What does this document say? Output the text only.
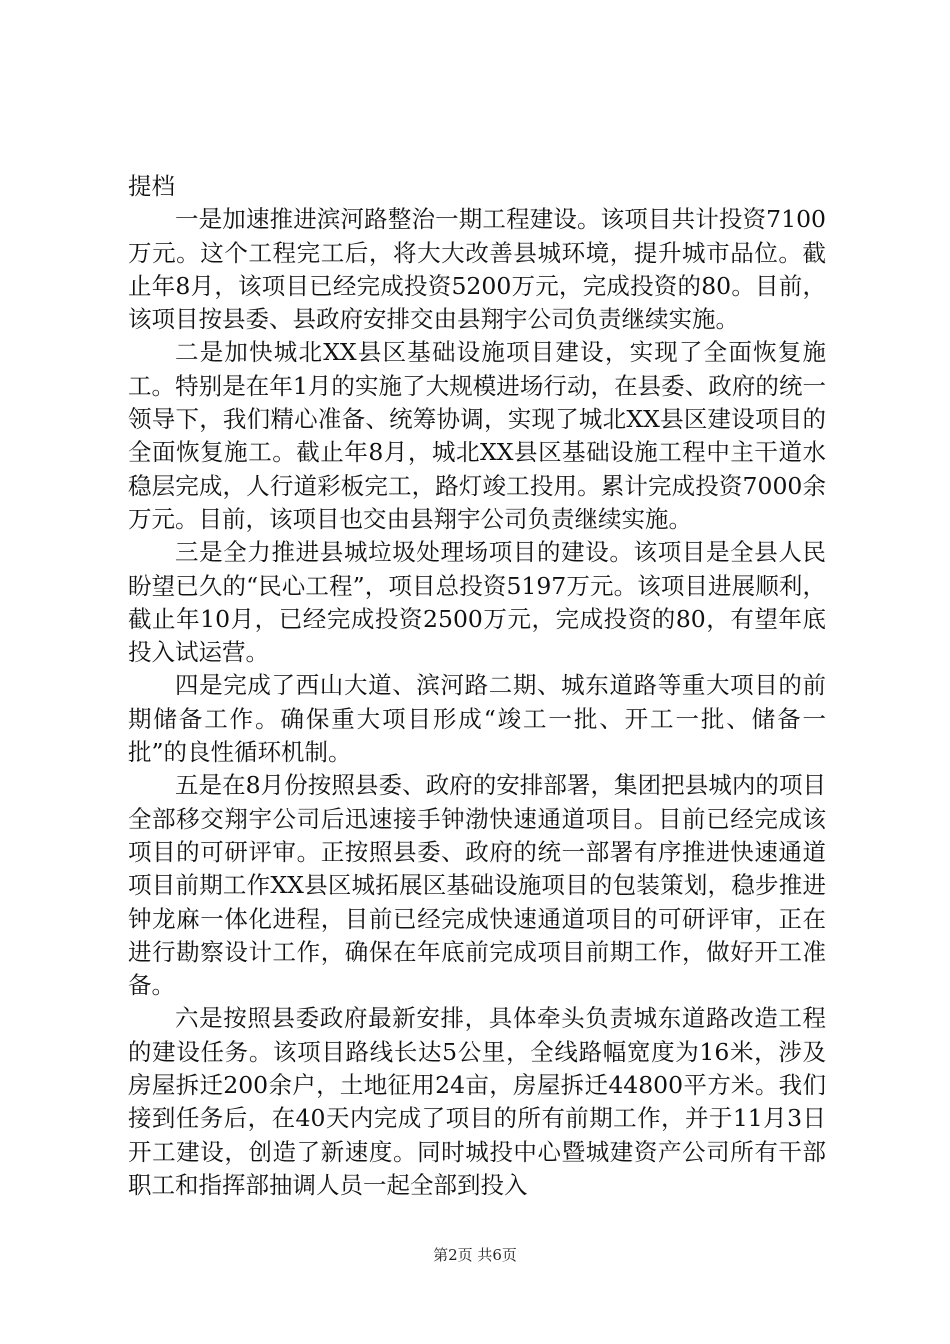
提档

一是加速推进滨河路整治一期工程建设。该项目共计投资7100万元。这个工程完工后，将大大改善县城环境，提升城市品位。截止年8月，该项目已经完成投资5200万元，完成投资的80。目前，该项目按县委、县政府安排交由县翔宇公司负责继续实施。

二是加快城北XX县区基础设施项目建设，实现了全面恢复施工。特别是在年1月的实施了大规模进场行动，在县委、政府的统一领导下，我们精心准备、统筹协调，实现了城北XX县区建设项目的全面恢复施工。截止年8月，城北XX县区基础设施工程中主干道水稳层完成，人行道彩板完工，路灯竣工投用。累计完成投资7000余万元。目前，该项目也交由县翔宇公司负责继续实施。

三是全力推进县城垃圾处理场项目的建设。该项目是全县人民盼望已久的“民心工程”，项目总投资5197万元。该项目进展顺利，截止年10月，已经完成投资2500万元，完成投资的80，有望年底投入试运营。

四是完成了西山大道、滨河路二期、城东道路等重大项目的前期储备工作。确保重大项目形成“竣工一批、开工一批、储备一批”的良性循环机制。

五是在8月份按照县委、政府的安排部署，集团把县城内的项目全部移交翔宇公司后迅速接手钟渤快速通道项目。目前已经完成该项目的可研评审。正按照县委、政府的统一部署有序推进快速通道项目前期工作XX县区城拓展区基础设施项目的包装策划，稳步推进钟龙麻一体化进程，目前已经完成快速通道项目的可研评审，正在进行勘察设计工作，确保在年底前完成项目前期工作，做好开工准备。

六是按照县委政府最新安排，具体牵头负责城东道路改造工程的建设任务。该项目路线长达5公里，全线路幅宽度为16米，涉及房屋拆迁200余户，土地征用24亩，房屋拆迁44800平方米。我们接到任务后，在40天内完成了项目的所有前期工作，并于11月3日开工建设，创造了新速度。同时城投中心暨城建资产公司所有干部职工和指挥部抽调人员一起全部到投入

第2页 共6页
